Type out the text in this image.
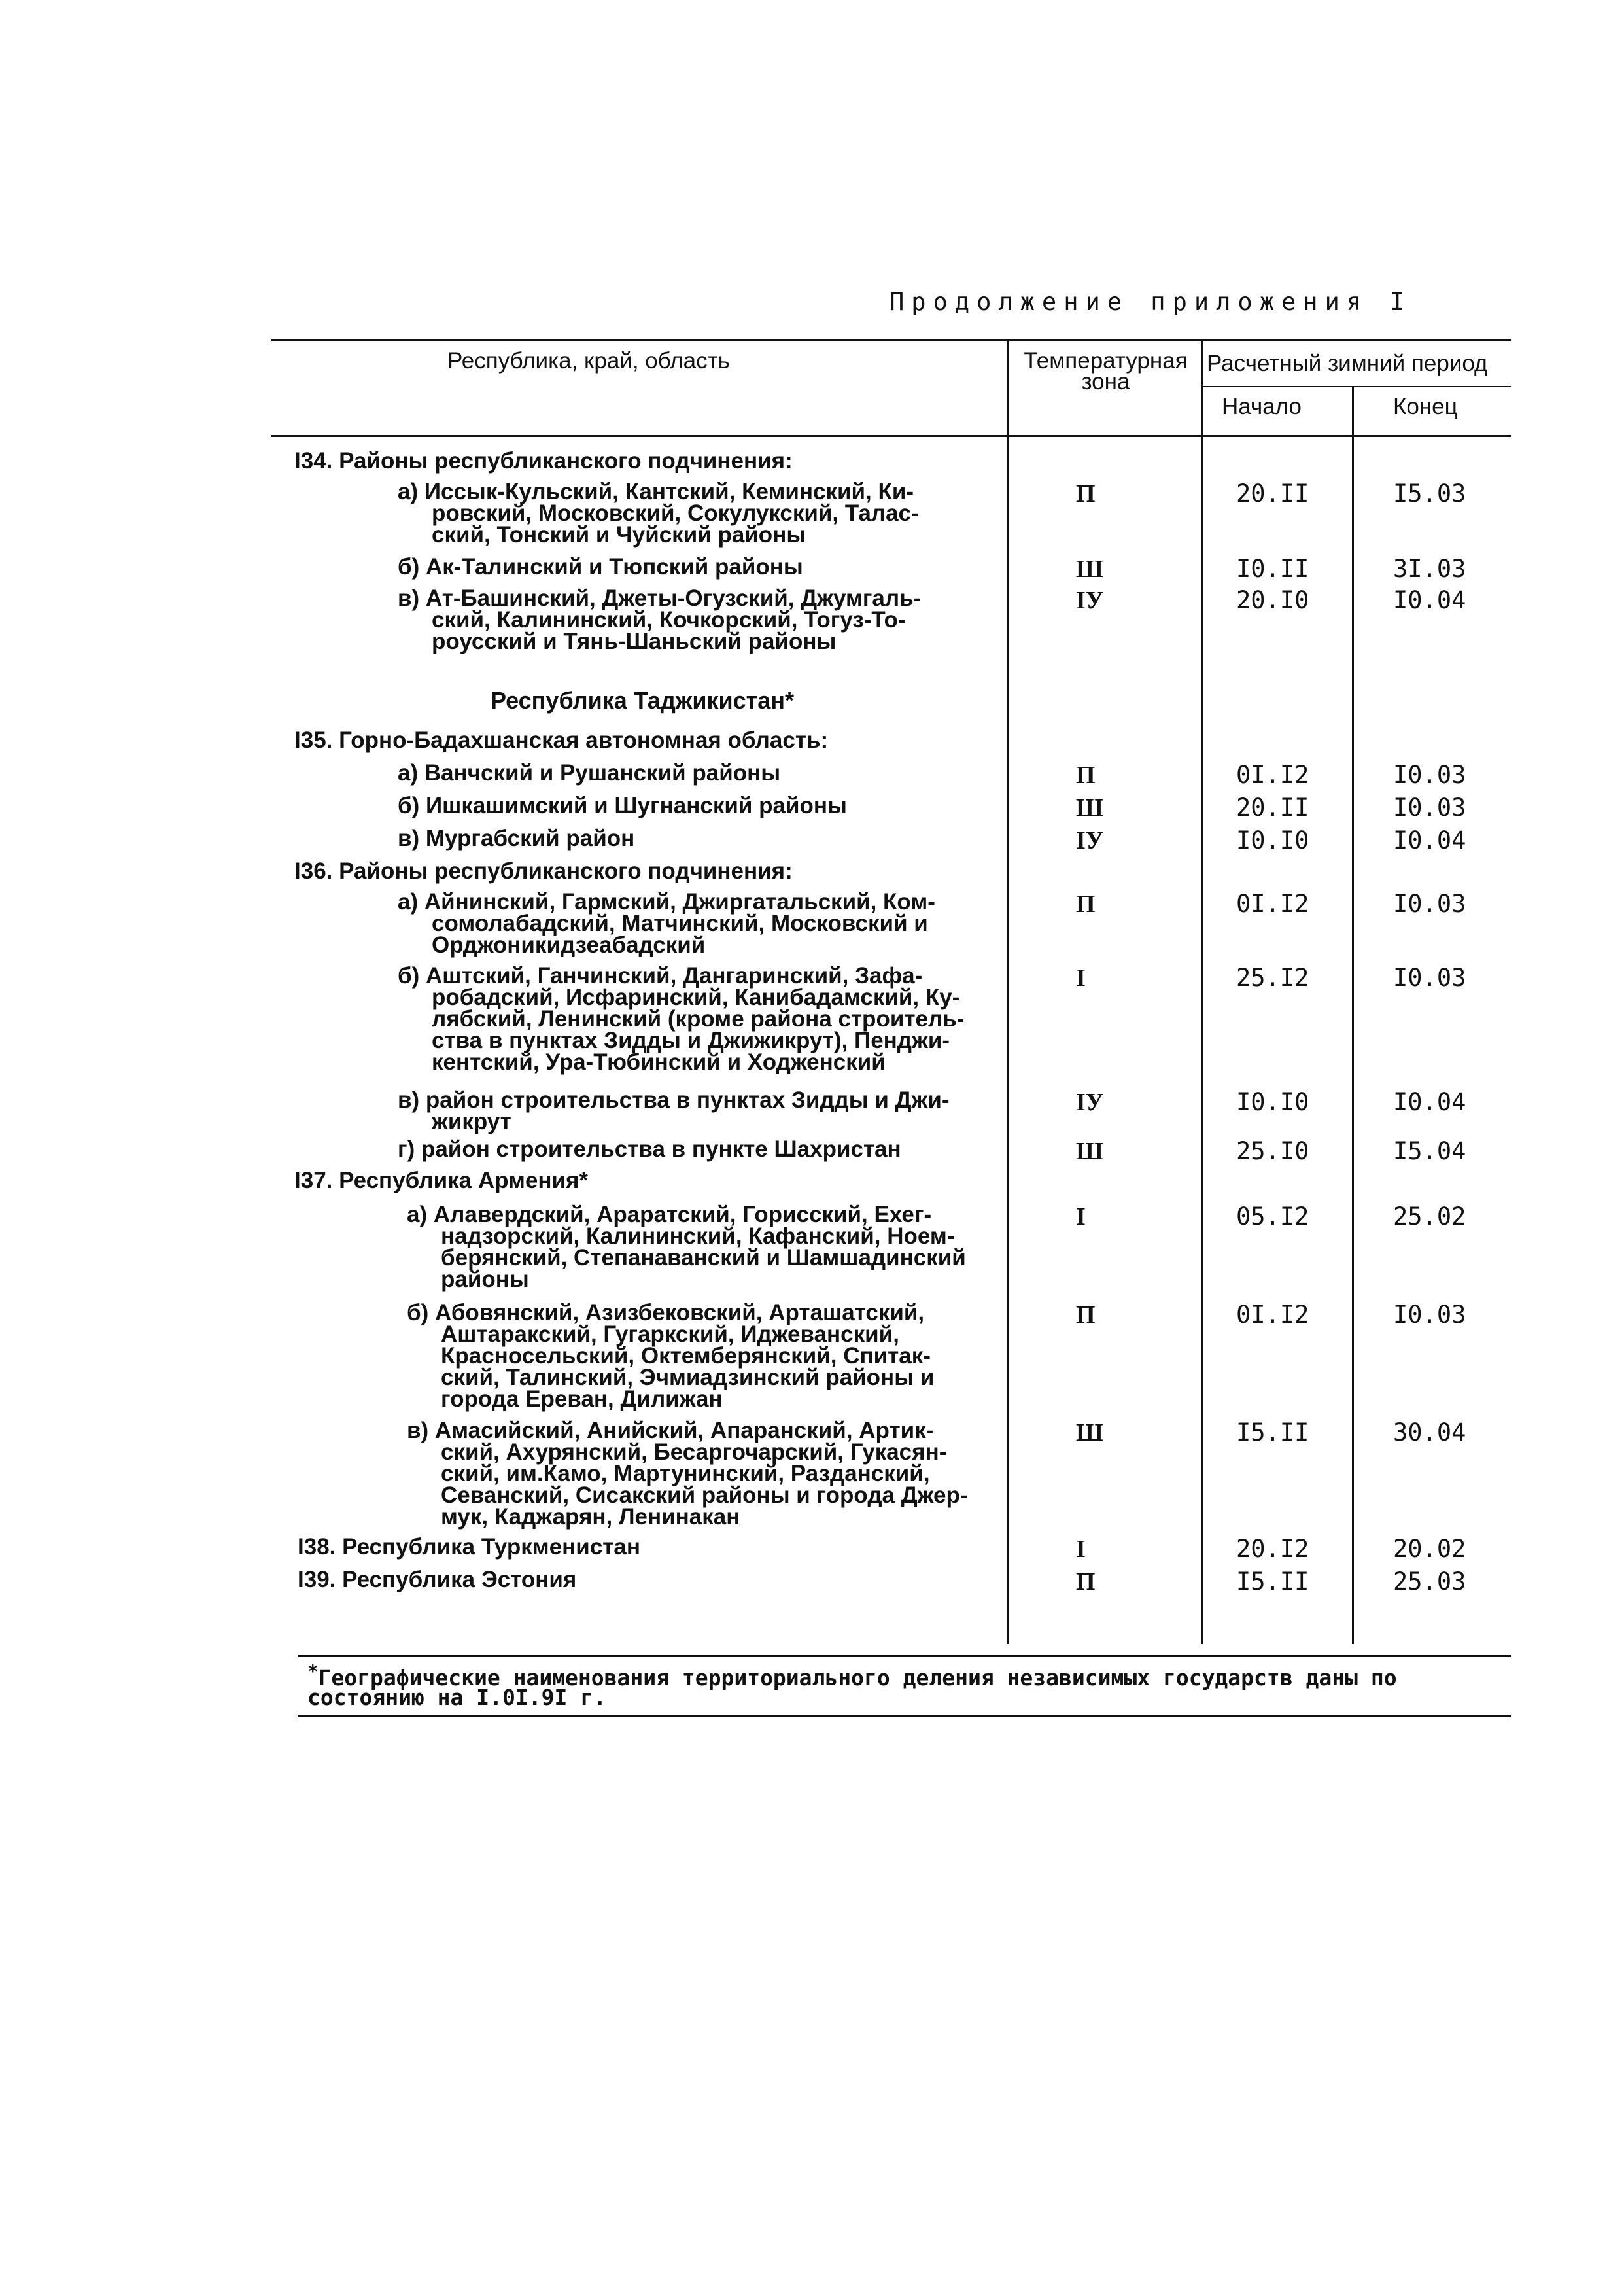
Продолжение приложения I
Республика, край, область	Температурная зона
Расчетный зимний период
Начало	Конец
I34. Районы республиканского подчинения:
а) Иссык-Кульский, Кантский, Кеминский, Ки-
ровский, Московский, Сокулукский, Талас-
ский, Тонский и Чуйский районы
П	20.II	I5.03
б) Ак-Талинский и Тюпский районы	Ш	I0.II	3I.03
в) Ат-Башинский, Джеты-Огузский, Джумгаль-
ский, Калининский, Кочкорский, Тогуз-То-
роусский и Тянь-Шаньский районы
IУ	20.I0	I0.04
Республика Таджикистан*
I35. Горно-Бадахшанская автономная область:
а) Ванчский и Рушанский районы	П	0I.I2	I0.03
б) Ишкашимский и Шугнанский районы	Ш	20.II	I0.03
в) Мургабский район	IУ	I0.I0	I0.04
I36. Районы республиканского подчинения:
а) Айнинский, Гармский, Джиргатальский, Ком-
сомолабадский, Матчинский, Московский и
Орджоникидзеабадский
П	0I.I2	I0.03
б) Аштский, Ганчинский, Дангаринский, Зафа-
робадский, Исфаринский, Канибадамский, Ку-
лябский, Ленинский (кроме района строитель-
ства в пунктах Зидды и Джижикрут), Пенджи-
кентский, Ура-Тюбинский и Ходженский
I	25.I2	I0.03
в) район строительства в пунктах Зидды и Джи-
жикрут
IУ	I0.I0	I0.04
г) район строительства в пункте Шахристан	Ш	25.I0	I5.04
I37. Республика Армения*
а) Алавердский, Араратский, Горисский, Ехег-
надзорский, Калининский, Кафанский, Ноем-
берянский, Степанаванский и Шамшадинский
районы
I	05.I2	25.02
б) Абовянский, Азизбековский, Арташатский,
Аштаракский, Гугаркский, Иджеванский,
Красносельский, Октемберянский, Спитак-
ский, Талинский, Эчмиадзинский районы и
города Ереван, Дилижан
П	0I.I2	I0.03
в) Амасийский, Анийский, Апаранский, Артик-
ский, Ахурянский, Бесаргочарский, Гукасян-
ский, им.Камо, Мартунинский, Разданский,
Севанский, Сисакский районы и города Джер-
мук, Каджарян, Ленинакан
Ш	I5.II	30.04
I38. Республика Туркменистан	I	20.I2	20.02
I39. Республика Эстония	П	I5.II	25.03
*Географические наименования территориального деления независимых государств даны по
состоянию на I.0I.9I г.
